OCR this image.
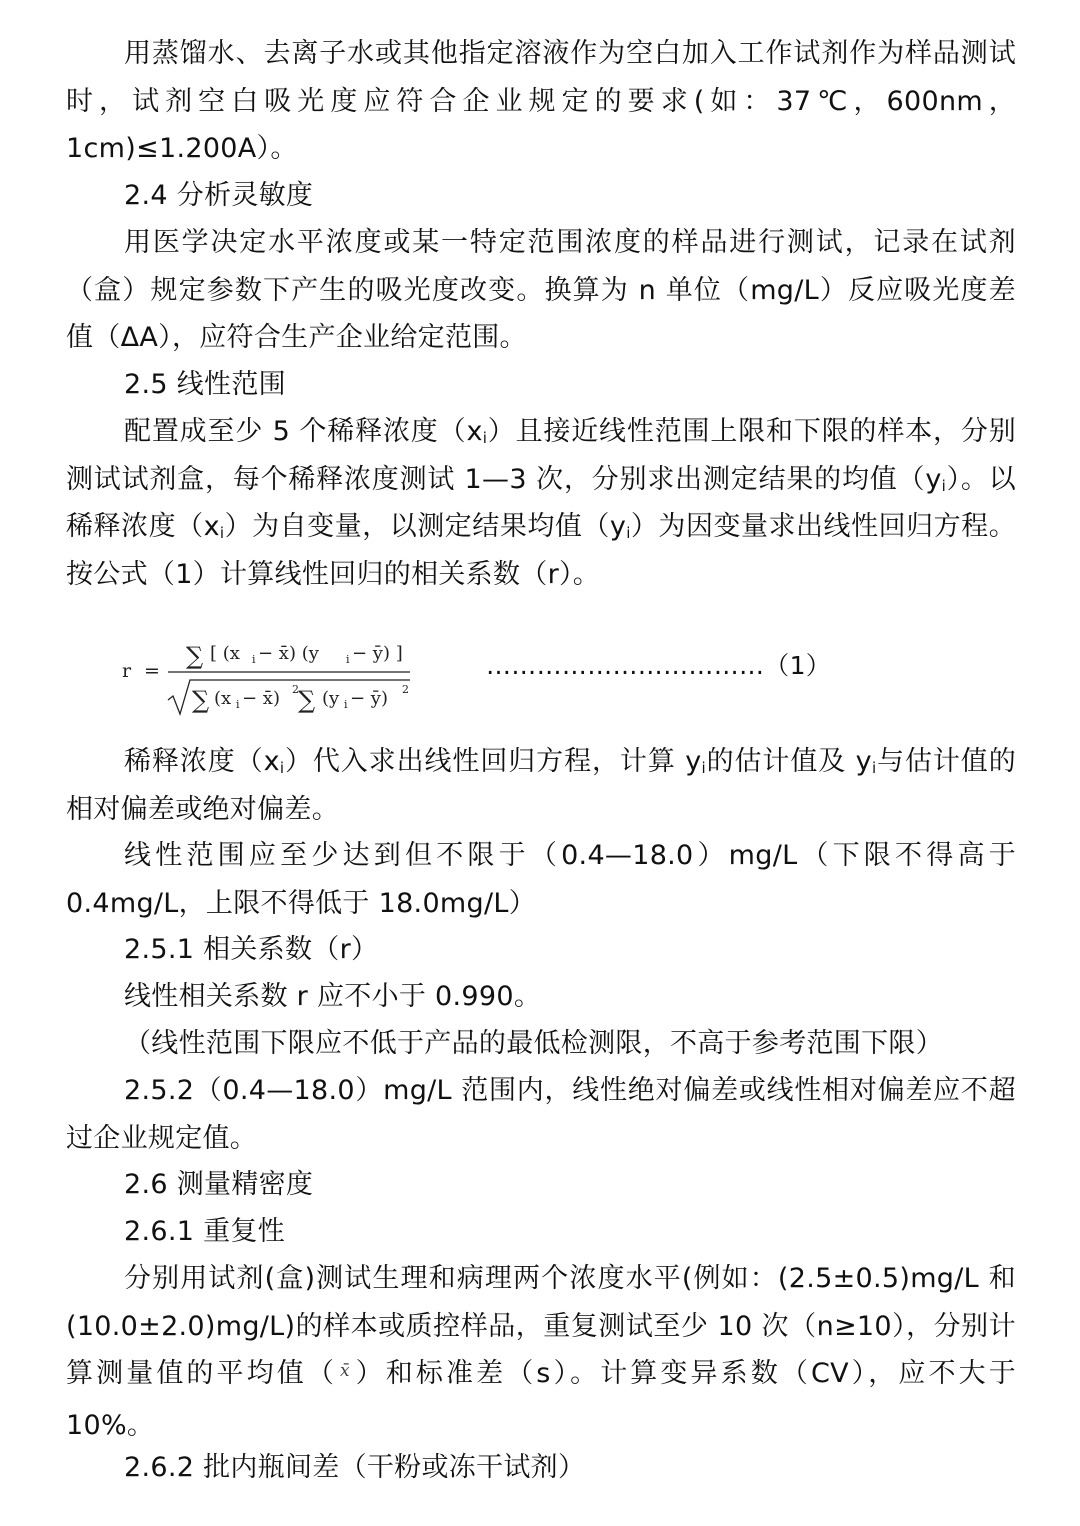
用蒸馏水、去离子水或其他指定溶液作为空白加入工作试剂作为样品测试时，试剂空白吸光度应符合企业规定的要求(如：37℃，600nm，1cm)≤1.200A）。

2.4 分析灵敏度

用医学决定水平浓度或某一特定范围浓度的样品进行测试，记录在试剂（盒）规定参数下产生的吸光度改变。换算为 n 单位（mg/L）反应吸光度差值（ΔA），应符合生产企业给定范围。

2.5 线性范围

配置成至少 5 个稀释浓度$(x_i)$且接近线性范围上限和下限的样本，分别测试试剂盒，每个稀释浓度测试 1—3 次，分别求出测定结果的均值$(y_i)$。以稀释浓度$(x_i)$为自变量，以测定结果均值$(y_i)$为因变量求出线性回归方程。按公式（1）计算线性回归的相关系数（r）。

r =
∑ [ (x i − x̄) (y i − ȳ) ]
∑ (x i − x̄) 2 ∑ (y i − ȳ) 2
……………………………（1）

稀释浓度$(x_i)$代入求出线性回归方程，计算 $y_i$的估计值及 $y_i$与估计值的相对偏差或绝对偏差。

线性范围应至少达到但不限于（0.4—18.0）mg/L（下限不得高于 0.4mg/L，上限不得低于 18.0mg/L）

2.5.1 相关系数（r）

线性相关系数 r 应不小于 0.990。

（线性范围下限应不低于产品的最低检测限，不高于参考范围下限）

2.5.2（0.4—18.0）mg/L 范围内，线性绝对偏差或线性相对偏差应不超过企业规定值。

2.6 测量精密度

2.6.1 重复性

分别用试剂(盒)测试生理和病理两个浓度水平(例如：(2.5±0.5)mg/L 和(10.0±2.0)mg/L)的样本或质控样品，重复测试至少 10 次（n≥10），分别计算测量值的平均值（ $^{x̄}$ ）和标准差（s）。计算变异系数（CV），应不大于 10%。

2.6.2 批内瓶间差（干粉或冻干试剂）
